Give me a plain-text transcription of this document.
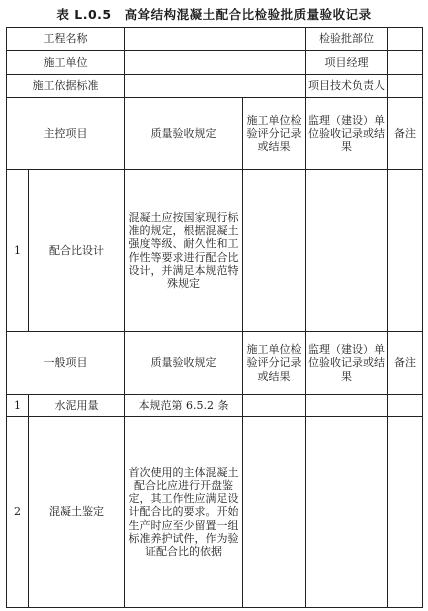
表 L.0.5　高耸结构混凝土配合比检验批质量验收记录
工程名称				检验批部位	
施工单位				项目经理	
施工依据标准				项目技术负责人	
主控项目		质量验收规定	施工单位检验评分记录或结果	监理（建设）单位验收记录或结果	备注
1	配合比设计	混凝土应按国家现行标准的规定，根据混凝土强度等级、耐久性和工作性等要求进行配合比设计，并满足本规范特殊规定			
一般项目		质量验收规定	施工单位检验评分记录或结果	监理（建设）单位验收记录或结果	备注
1	水泥用量	本规范第 6.5.2 条			
2	混凝土鉴定	首次使用的主体混凝土配合比应进行开盘鉴定，其工作性应满足设计配合比的要求。开始生产时应至少留置一组标准养护试件，作为验证配合比的依据			
